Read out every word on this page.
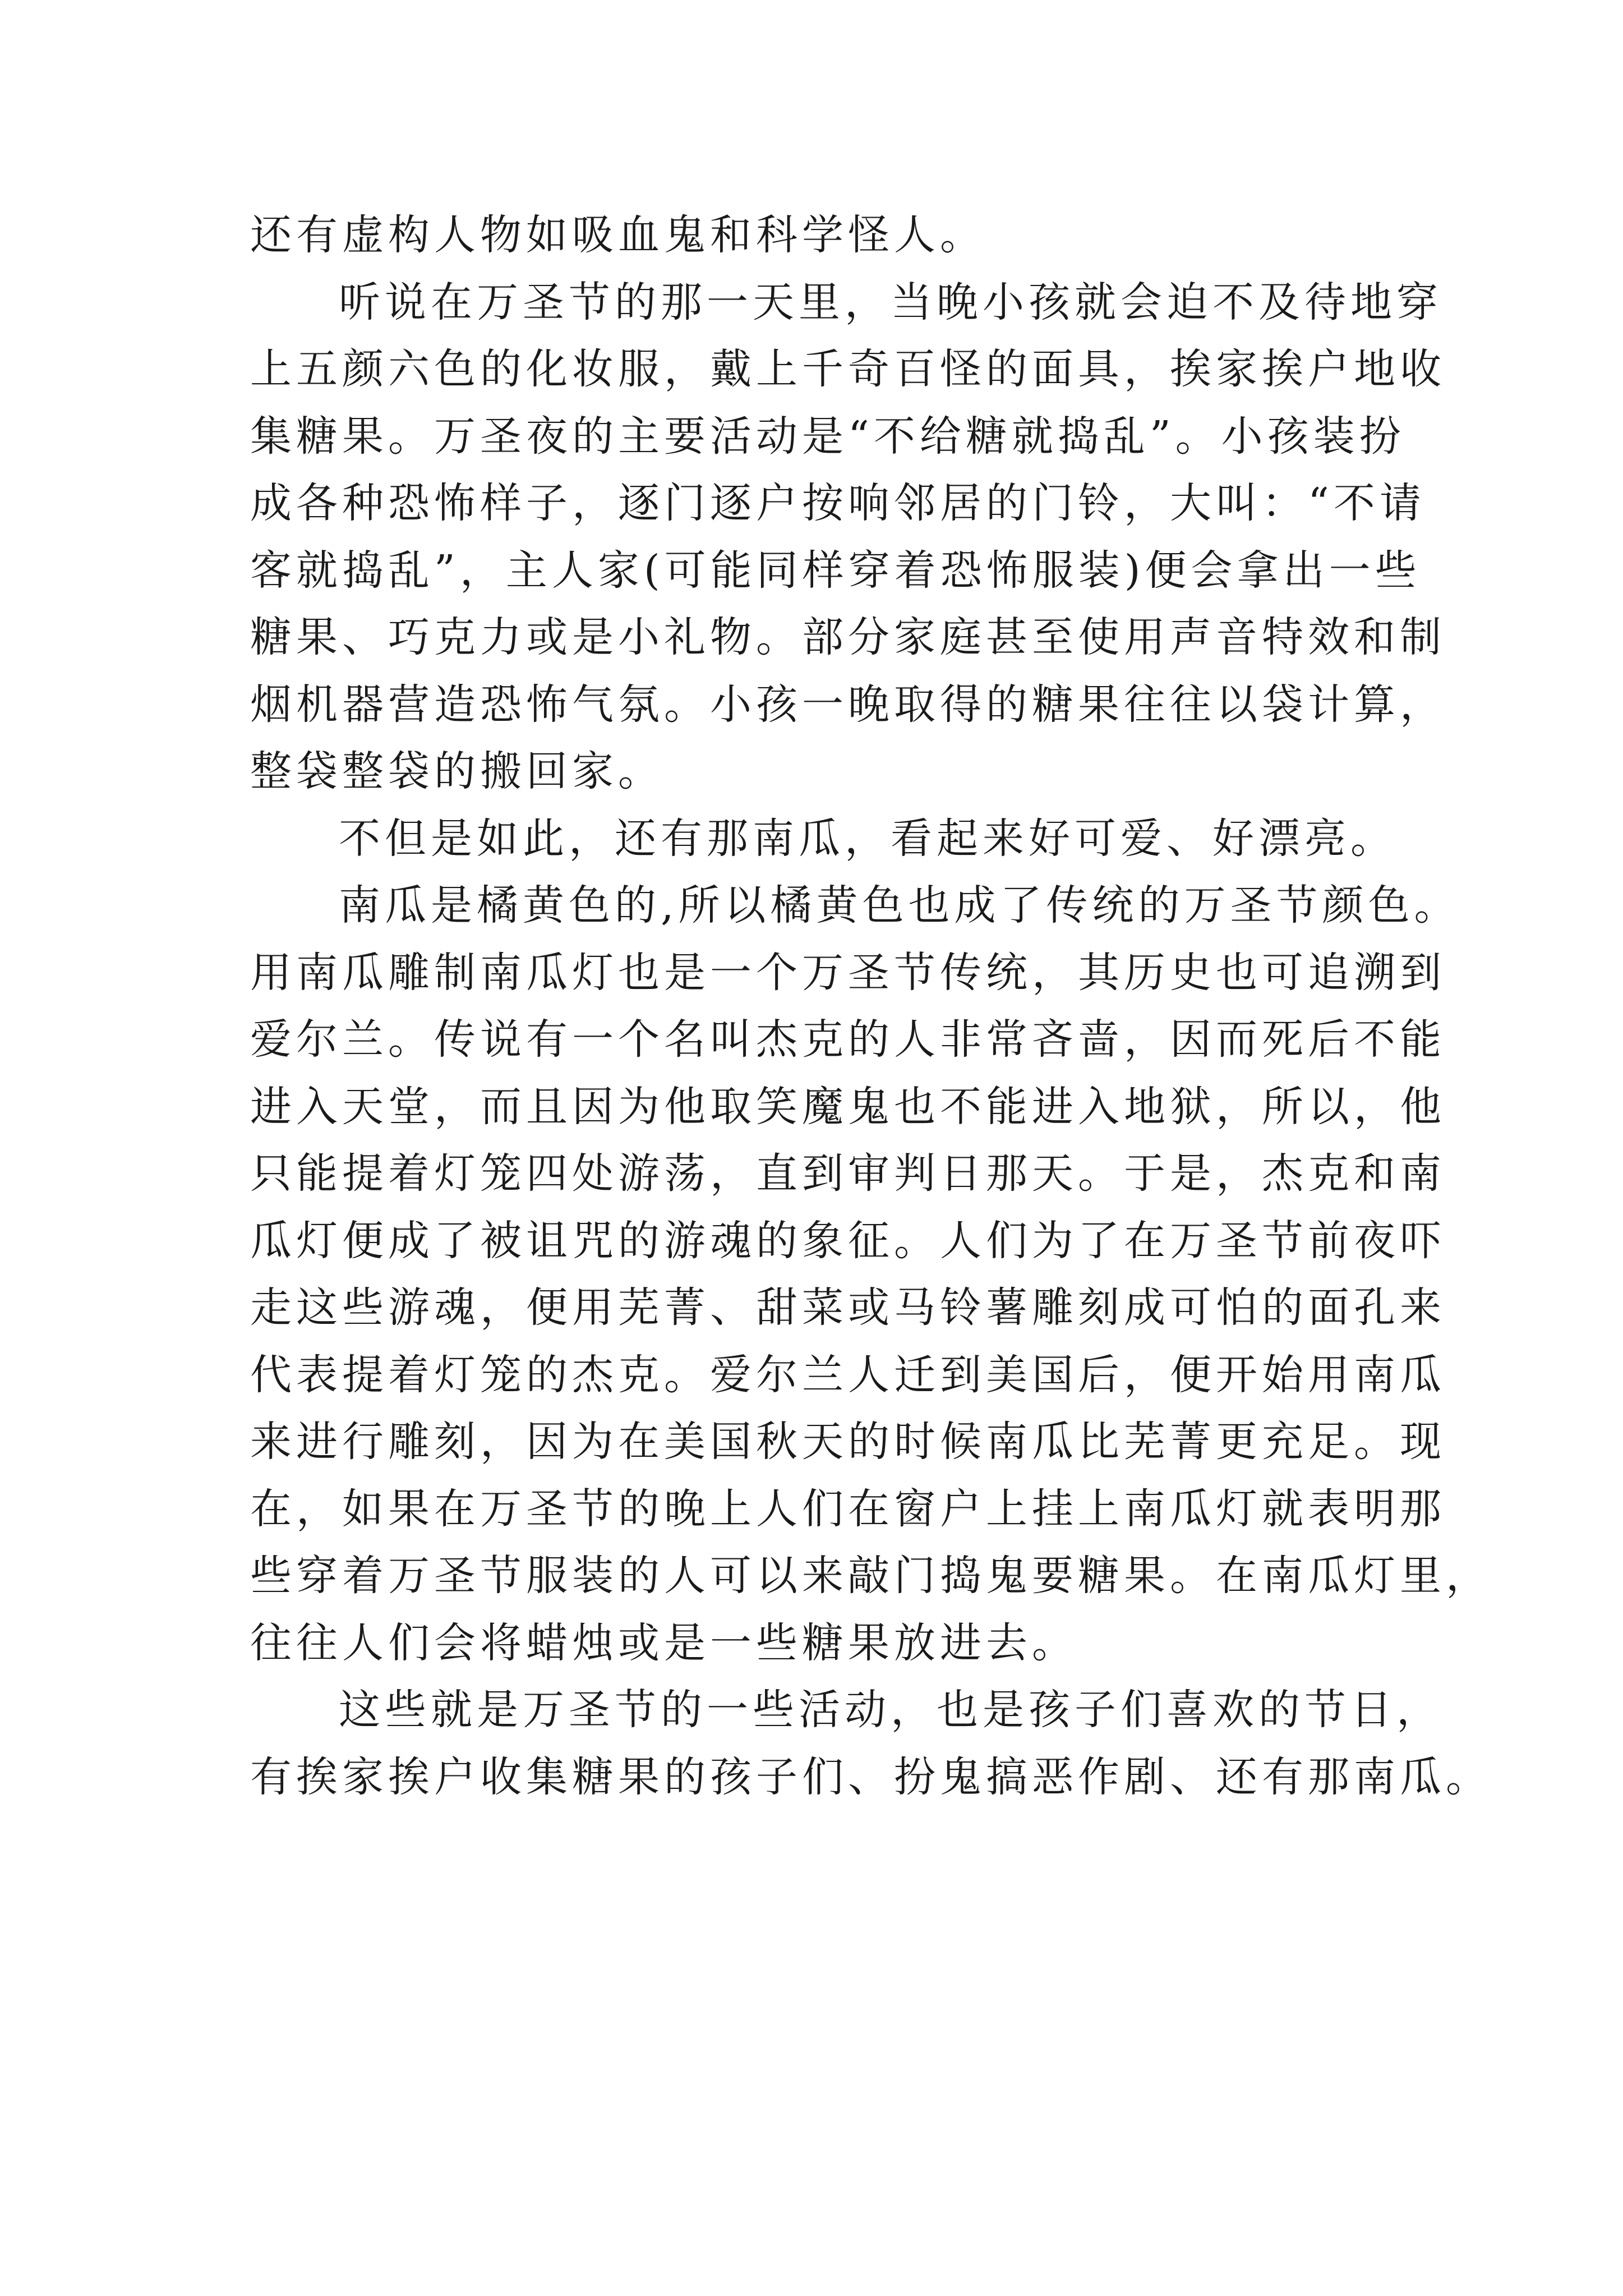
还有虚构人物如吸血鬼和科学怪人。
听说在万圣节的那一天里，当晚小孩就会迫不及待地穿
上五颜六色的化妆服，戴上千奇百怪的面具，挨家挨户地收
集糖果。万圣夜的主要活动是“不给糖就捣乱”。小孩装扮
成各种恐怖样子，逐门逐户按响邻居的门铃，大叫：“不请
客就捣乱”，主人家(可能同样穿着恐怖服装)便会拿出一些
糖果、巧克力或是小礼物。部分家庭甚至使用声音特效和制
烟机器营造恐怖气氛。小孩一晚取得的糖果往往以袋计算，
整袋整袋的搬回家。
不但是如此，还有那南瓜，看起来好可爱、好漂亮。
南瓜是橘黄色的,所以橘黄色也成了传统的万圣节颜色。
用南瓜雕制南瓜灯也是一个万圣节传统，其历史也可追溯到
爱尔兰。传说有一个名叫杰克的人非常吝啬，因而死后不能
进入天堂，而且因为他取笑魔鬼也不能进入地狱，所以，他
只能提着灯笼四处游荡，直到审判日那天。于是，杰克和南
瓜灯便成了被诅咒的游魂的象征。人们为了在万圣节前夜吓
走这些游魂，便用芜菁、甜菜或马铃薯雕刻成可怕的面孔来
代表提着灯笼的杰克。爱尔兰人迁到美国后，便开始用南瓜
来进行雕刻，因为在美国秋天的时候南瓜比芜菁更充足。现
在，如果在万圣节的晚上人们在窗户上挂上南瓜灯就表明那
些穿着万圣节服装的人可以来敲门捣鬼要糖果。在南瓜灯里，
往往人们会将蜡烛或是一些糖果放进去。
这些就是万圣节的一些活动，也是孩子们喜欢的节日，
有挨家挨户收集糖果的孩子们、扮鬼搞恶作剧、还有那南瓜。
